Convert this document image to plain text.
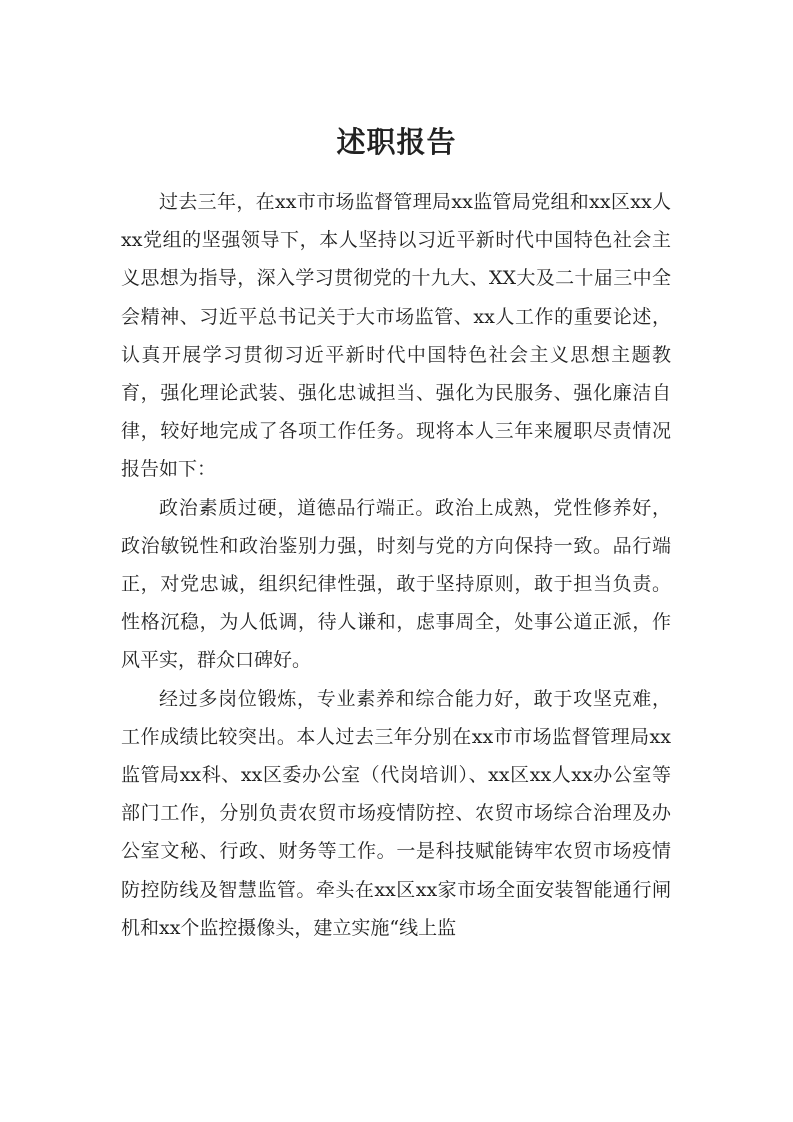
述职报告

过去三年，在xx市市场监督管理局xx监管局党组和xx区xx人xx党组的坚强领导下，本人坚持以习近平新时代中国特色社会主义思想为指导，深入学习贯彻党的十九大、XX大及二十届三中全会精神、习近平总书记关于大市场监管、xx人工作的重要论述，认真开展学习贯彻习近平新时代中国特色社会主义思想主题教育，强化理论武装、强化忠诚担当、强化为民服务、强化廉洁自律，较好地完成了各项工作任务。现将本人三年来履职尽责情况报告如下：

政治素质过硬，道德品行端正。政治上成熟，党性修养好，政治敏锐性和政治鉴别力强，时刻与党的方向保持一致。品行端正，对党忠诚，组织纪律性强，敢于坚持原则，敢于担当负责。性格沉稳，为人低调，待人谦和，虑事周全，处事公道正派，作风平实，群众口碑好。

经过多岗位锻炼，专业素养和综合能力好，敢于攻坚克难，工作成绩比较突出。本人过去三年分别在xx市市场监督管理局xx监管局xx科、xx区委办公室（代岗培训）、xx区xx人xx办公室等部门工作，分别负责农贸市场疫情防控、农贸市场综合治理及办公室文秘、行政、财务等工作。一是科技赋能铸牢农贸市场疫情防控防线及智慧监管。牵头在xx区xx家市场全面安装智能通行闸机和xx个监控摄像头，建立实施“线上监
